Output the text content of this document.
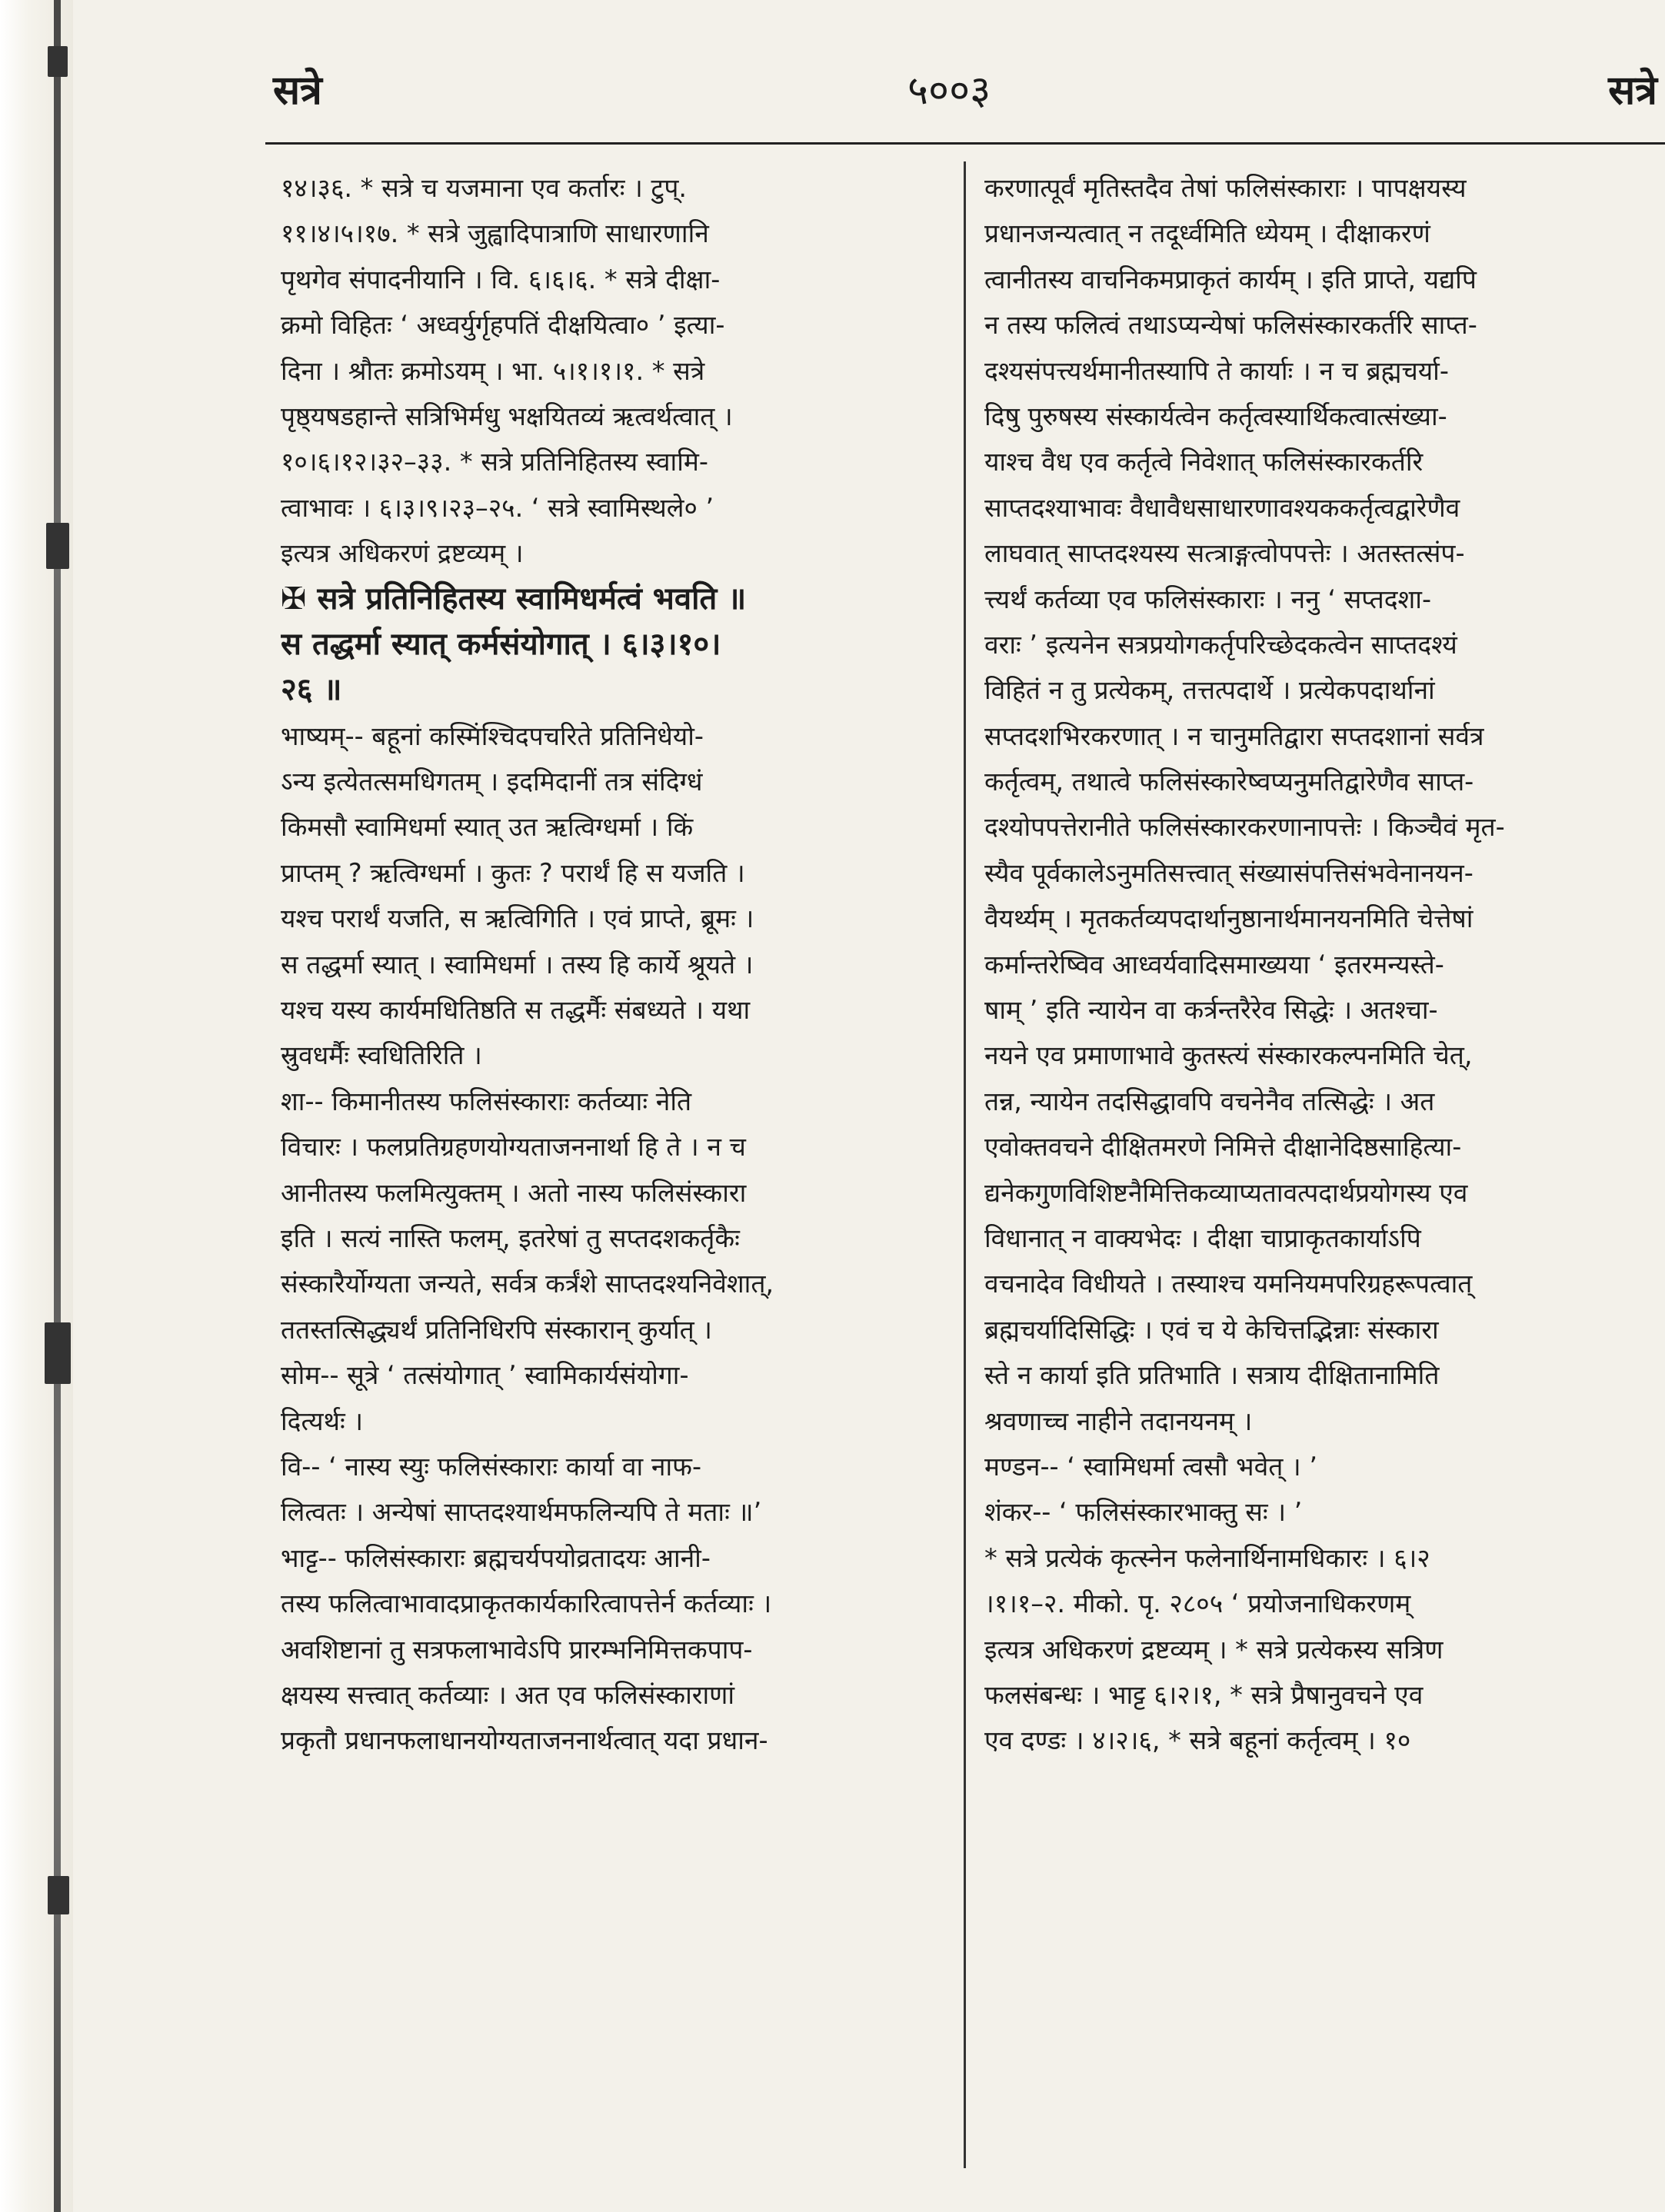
सत्रे	५००३	सत्रे
१४।३६. * सत्रे च यजमाना एव कर्तारः । टुप्.
११।४।५।१७. * सत्रे जुह्वादिपात्राणि साधारणानि
पृथगेव संपादनीयानि । वि. ६।६।६. * सत्रे दीक्षा-
क्रमो विहितः ‘ अध्वर्युर्गृहपतिं दीक्षयित्वा० ’ इत्या-
दिना । श्रौतः क्रमोऽयम् । भा. ५।१।१।१. * सत्रे
पृष्ठ्यषडहान्ते सत्रिभिर्मधु भक्षयितव्यं ऋत्वर्थत्वात् ।
१०।६।१२।३२–३३. * सत्रे प्रतिनिहितस्य स्वामि-
त्वाभावः । ६।३।९।२३–२५. ‘ सत्रे स्वामिस्थले० ’
इत्यत्र अधिकरणं द्रष्टव्यम् ।
✠ सत्रे प्रतिनिहितस्य स्वामिधर्मत्वं भवति ॥
स तद्धर्मा स्यात् कर्मसंयोगात् । ६।३।१०।
२६ ॥
भाष्यम्-- बहूनां कस्मिंश्चिदपचरिते प्रतिनिधेयो-
ऽन्य इत्येतत्समधिगतम् । इदमिदानीं तत्र संदिग्धं
किमसौ स्वामिधर्मा स्यात् उत ऋत्विग्धर्मा । किं
प्राप्तम् ? ऋत्विग्धर्मा । कुतः ? परार्थं हि स यजति ।
यश्च परार्थं यजति, स ऋत्विगिति । एवं प्राप्ते, ब्रूमः ।
स तद्धर्मा स्यात् । स्वामिधर्मा । तस्य हि कार्ये श्रूयते ।
यश्च यस्य कार्यमधितिष्ठति स तद्धर्मैः संबध्यते । यथा
स्रुवधर्मैः स्वधितिरिति ।
शा-- किमानीतस्य फलिसंस्काराः कर्तव्याः नेति
विचारः । फलप्रतिग्रहणयोग्यताजननार्था हि ते । न च
आनीतस्य फलमित्युक्तम् । अतो नास्य फलिसंस्कारा
इति । सत्यं नास्ति फलम्, इतरेषां तु सप्तदशकर्तृकैः
संस्कारैर्योग्यता जन्यते, सर्वत्र कर्त्रंशे साप्तदश्यनिवेशात्,
ततस्तत्सिद्ध्यर्थं प्रतिनिधिरपि संस्कारान् कुर्यात् ।
सोम-- सूत्रे ‘ तत्संयोगात् ’ स्वामिकार्यसंयोगा-
दित्यर्थः ।
वि-- ‘ नास्य स्युः फलिसंस्काराः कार्या वा नाफ-
लित्वतः । अन्येषां साप्तदश्यार्थमफलिन्यपि ते मताः ॥’
भाट्ट-- फलिसंस्काराः ब्रह्मचर्यपयोव्रतादयः आनी-
तस्य फलित्वाभावादप्राकृतकार्यकारित्वापत्तेर्न कर्तव्याः ।
अवशिष्टानां तु सत्रफलाभावेऽपि प्रारम्भनिमित्तकपाप-
क्षयस्य सत्त्वात् कर्तव्याः । अत एव फलिसंस्काराणां
प्रकृतौ प्रधानफलाधानयोग्यताजननार्थत्वात् यदा प्रधान-
करणात्पूर्वं मृतिस्तदैव तेषां फलिसंस्काराः । पापक्षयस्य
प्रधानजन्यत्वात् न तदूर्ध्वमिति ध्येयम् । दीक्षाकरणं
त्वानीतस्य वाचनिकमप्राकृतं कार्यम् । इति प्राप्ते, यद्यपि
न तस्य फलित्वं तथाऽप्यन्येषां फलिसंस्कारकर्तरि साप्त-
दश्यसंपत्त्यर्थमानीतस्यापि ते कार्याः । न च ब्रह्मचर्या-
दिषु पुरुषस्य संस्कार्यत्वेन कर्तृत्वस्यार्थिकत्वात्संख्या-
याश्च वैध एव कर्तृत्वे निवेशात् फलिसंस्कारकर्तरि
साप्तदश्याभावः वैधावैधसाधारणावश्यककर्तृत्वद्वारेणैव
लाघवात् साप्तदश्यस्य सत्त्राङ्गत्वोपपत्तेः । अतस्तत्संप-
त्त्यर्थं कर्तव्या एव फलिसंस्काराः । ननु ‘ सप्तदशा-
वराः ’ इत्यनेन सत्रप्रयोगकर्तृपरिच्छेदकत्वेन साप्तदश्यं
विहितं न तु प्रत्येकम्, तत्तत्पदार्थे । प्रत्येकपदार्थानां
सप्तदशभिरकरणात् । न चानुमतिद्वारा सप्तदशानां सर्वत्र
कर्तृत्वम्, तथात्वे फलिसंस्कारेष्वप्यनुमतिद्वारेणैव साप्त-
दश्योपपत्तेरानीते फलिसंस्कारकरणानापत्तेः । किञ्चैवं मृत-
स्यैव पूर्वकालेऽनुमतिसत्त्वात् संख्यासंपत्तिसंभवेनानयन-
वैयर्थ्यम् । मृतकर्तव्यपदार्थानुष्ठानार्थमानयनमिति चेत्तेषां
कर्मान्तरेष्विव आध्वर्यवादिसमाख्यया ‘ इतरमन्यस्ते-
षाम् ’ इति न्यायेन वा कर्त्रन्तरैरेव सिद्धेः । अतश्चा-
नयने एव प्रमाणाभावे कुतस्त्यं संस्कारकल्पनमिति चेत्,
तन्न, न्यायेन तदसिद्धावपि वचनेनैव तत्सिद्धेः । अत
एवोक्तवचने दीक्षितमरणे निमित्ते दीक्षानेदिष्ठसाहित्या-
द्यनेकगुणविशिष्टनैमित्तिकव्याप्यतावत्पदार्थप्रयोगस्य एव
विधानात् न वाक्यभेदः । दीक्षा चाप्राकृतकार्याऽपि
वचनादेव विधीयते । तस्याश्च यमनियमपरिग्रहरूपत्वात्
ब्रह्मचर्यादिसिद्धिः । एवं च ये केचित्तद्भिन्नाः संस्कारा
स्ते न कार्या इति प्रतिभाति । सत्राय दीक्षितानामिति
श्रवणाच्च नाहीने तदानयनम् ।
मण्डन-- ‘ स्वामिधर्मा त्वसौ भवेत् । ’
शंकर-- ‘ फलिसंस्कारभाक्तु सः । ’
* सत्रे प्रत्येकं कृत्स्नेन फलेनार्थिनामधिकारः । ६।२
।१।१–२. मीको. पृ. २८०५ ‘ प्रयोजनाधिकरणम्
इत्यत्र अधिकरणं द्रष्टव्यम् । * सत्रे प्रत्येकस्य सत्रिण
फलसंबन्धः । भाट्ट ६।२।१, * सत्रे प्रैषानुवचने एव
एव दण्डः । ४।२।६, * सत्रे बहूनां कर्तृत्वम् । १०
